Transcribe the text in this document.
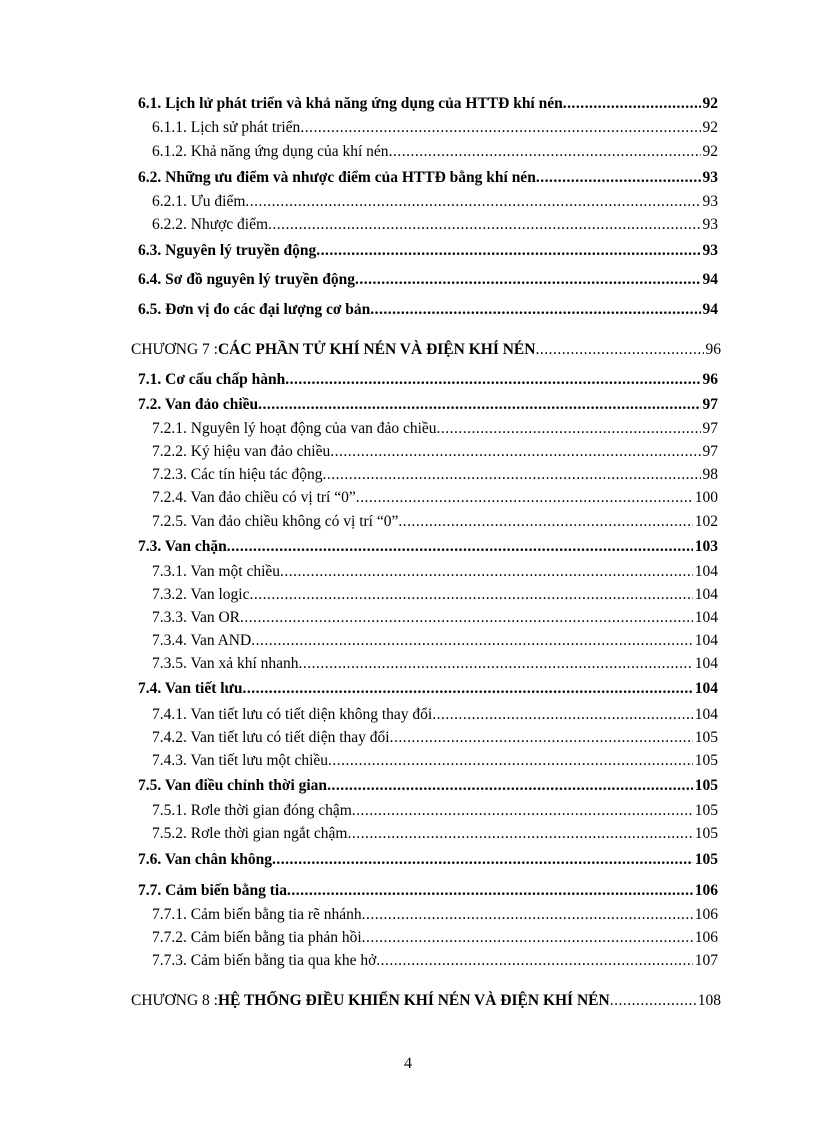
6.1. Lịch lử phát triển và khả năng ứng dụng của HTTĐ khí nén .....	92
6.1.1. Lịch sử phát triển .....	92
6.1.2. Khả năng ứng dụng của khí nén .....	92
6.2. Những ưu điểm và nhược điểm của HTTĐ bằng khí nén .....	93
6.2.1. Ưu điểm .....	93
6.2.2. Nhược điểm .....	93
6.3. Nguyên lý truyền động .....	93
6.4. Sơ đồ nguyên lý truyền động .....	94
6.5. Đơn vị đo các đại lượng cơ bản .....	94
CHƯƠNG 7 : CÁC PHẦN TỬ KHÍ NÉN VÀ ĐIỆN KHÍ NÉN .....	96
7.1. Cơ cấu chấp hành .....	96
7.2. Van đảo chiều .....	97
7.2.1. Nguyên lý hoạt động của van đảo chiều .....	97
7.2.2. Ký hiệu van đảo chiều .....	97
7.2.3. Các tín hiệu tác động .....	98
7.2.4. Van đảo chiều có vị trí “0” .....	100
7.2.5. Van đảo chiều không có vị trí “0” .....	102
7.3. Van chặn .....	103
7.3.1. Van một chiều .....	104
7.3.2. Van logic .....	104
7.3.3. Van OR .....	104
7.3.4. Van AND .....	104
7.3.5. Van xả khí nhanh .....	104
7.4. Van tiết lưu .....	104
7.4.1. Van tiết lưu có tiết diện không thay đổi .....	104
7.4.2. Van tiết lưu có tiết diện thay đổi .....	105
7.4.3. Van tiết lưu một chiều .....	105
7.5. Van điều chỉnh thời gian .....	105
7.5.1. Rơle thời gian đóng chậm .....	105
7.5.2. Rơle thời gian ngắt chậm .....	105
7.6. Van chân không .....	105
7.7. Cảm biến bằng tia .....	106
7.7.1. Cảm biến bằng tia rẽ nhánh .....	106
7.7.2. Cảm biến bằng tia phản hồi .....	106
7.7.3. Cảm biến bằng tia qua khe hở .....	107
CHƯƠNG 8 : HỆ THỐNG ĐIỀU KHIỂN KHÍ NÉN VÀ ĐIỆN KHÍ NÉN .....	108
4
